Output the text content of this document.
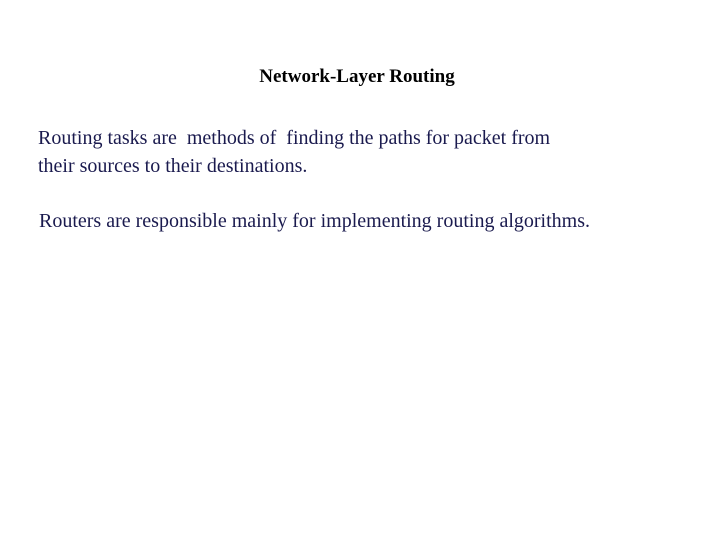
Network-Layer Routing
Routing tasks are  methods of  finding the paths for packet from
their sources to their destinations.
Routers are responsible mainly for implementing routing algorithms.
